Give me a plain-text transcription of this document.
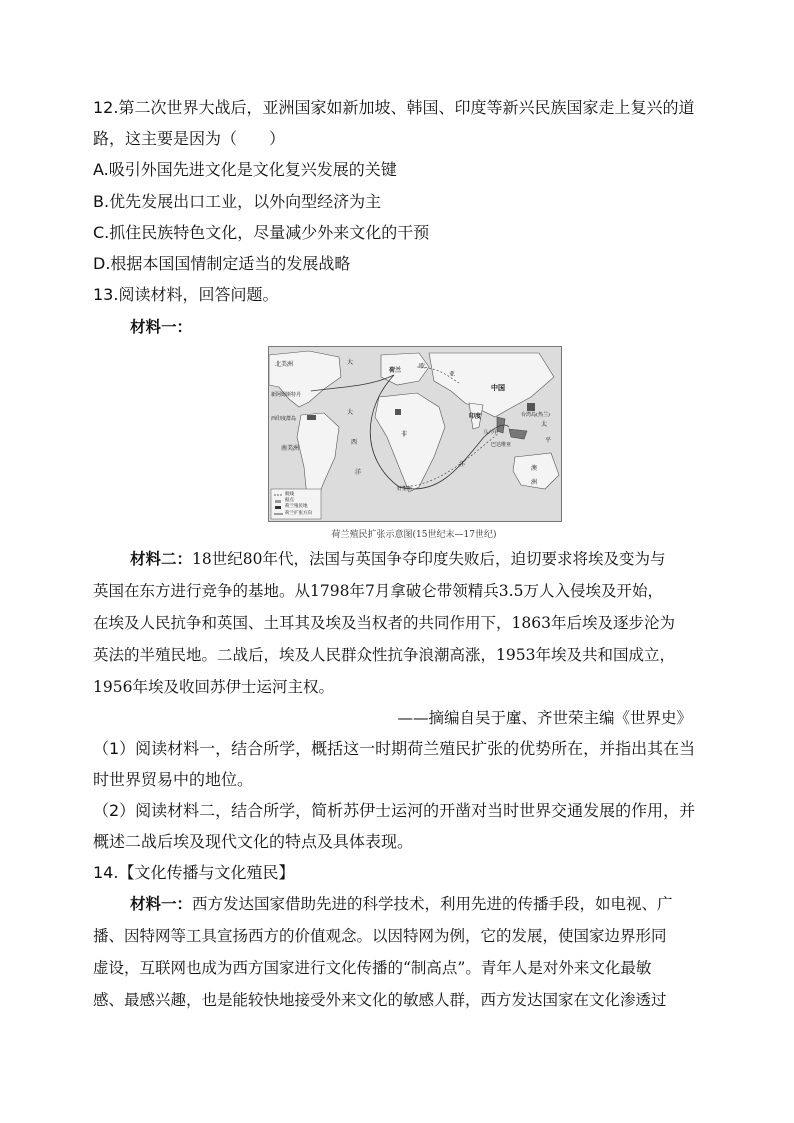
12.第二次世界大战后，亚洲国家如新加坡、韩国、印度等新兴民族国家走上复兴的道
路，这主要是因为（　　）
A.吸引外国先进文化是文化复兴发展的关键
B.优先发展出口工业，以外向型经济为主
C.抓住民族特色文化，尽量减少外来文化的干预
D.根据本国国情制定适当的发展战略
13.阅读材料，回答问题。
材料一：
北美洲	大
荷兰
欧
新阿姆斯特丹
西印度群岛
非
南美洲
大
西
洋
印度
中国
台湾岛(热兰)
巴达维亚
马六甲
好望角
洋
澳
洲
太
平
亚
航线
据点
荷兰殖民地
荷兰扩张方向
荷兰殖民扩张示意图(15世纪末—17世纪)
材料二：18世纪80年代，法国与英国争夺印度失败后，迫切要求将埃及变为与
英国在东方进行竞争的基地。从1798年7月拿破仑带领精兵3.5万人入侵埃及开始，
在埃及人民抗争和英国、土耳其及埃及当权者的共同作用下，1863年后埃及逐步沦为
英法的半殖民地。二战后，埃及人民群众性抗争浪潮高涨，1953年埃及共和国成立，
1956年埃及收回苏伊士运河主权。
——摘编自吴于廑、齐世荣主编《世界史》
（1）阅读材料一，结合所学，概括这一时期荷兰殖民扩张的优势所在，并指出其在当
时世界贸易中的地位。
（2）阅读材料二，结合所学，简析苏伊士运河的开凿对当时世界交通发展的作用，并
概述二战后埃及现代文化的特点及具体表现。
14.【文化传播与文化殖民】
材料一：西方发达国家借助先进的科学技术，利用先进的传播手段，如电视、广
播、因特网等工具宣扬西方的价值观念。以因特网为例，它的发展，使国家边界形同
虚设，互联网也成为西方国家进行文化传播的“制高点”。青年人是对外来文化最敏
感、最感兴趣，也是能较快地接受外来文化的敏感人群，西方发达国家在文化渗透过
